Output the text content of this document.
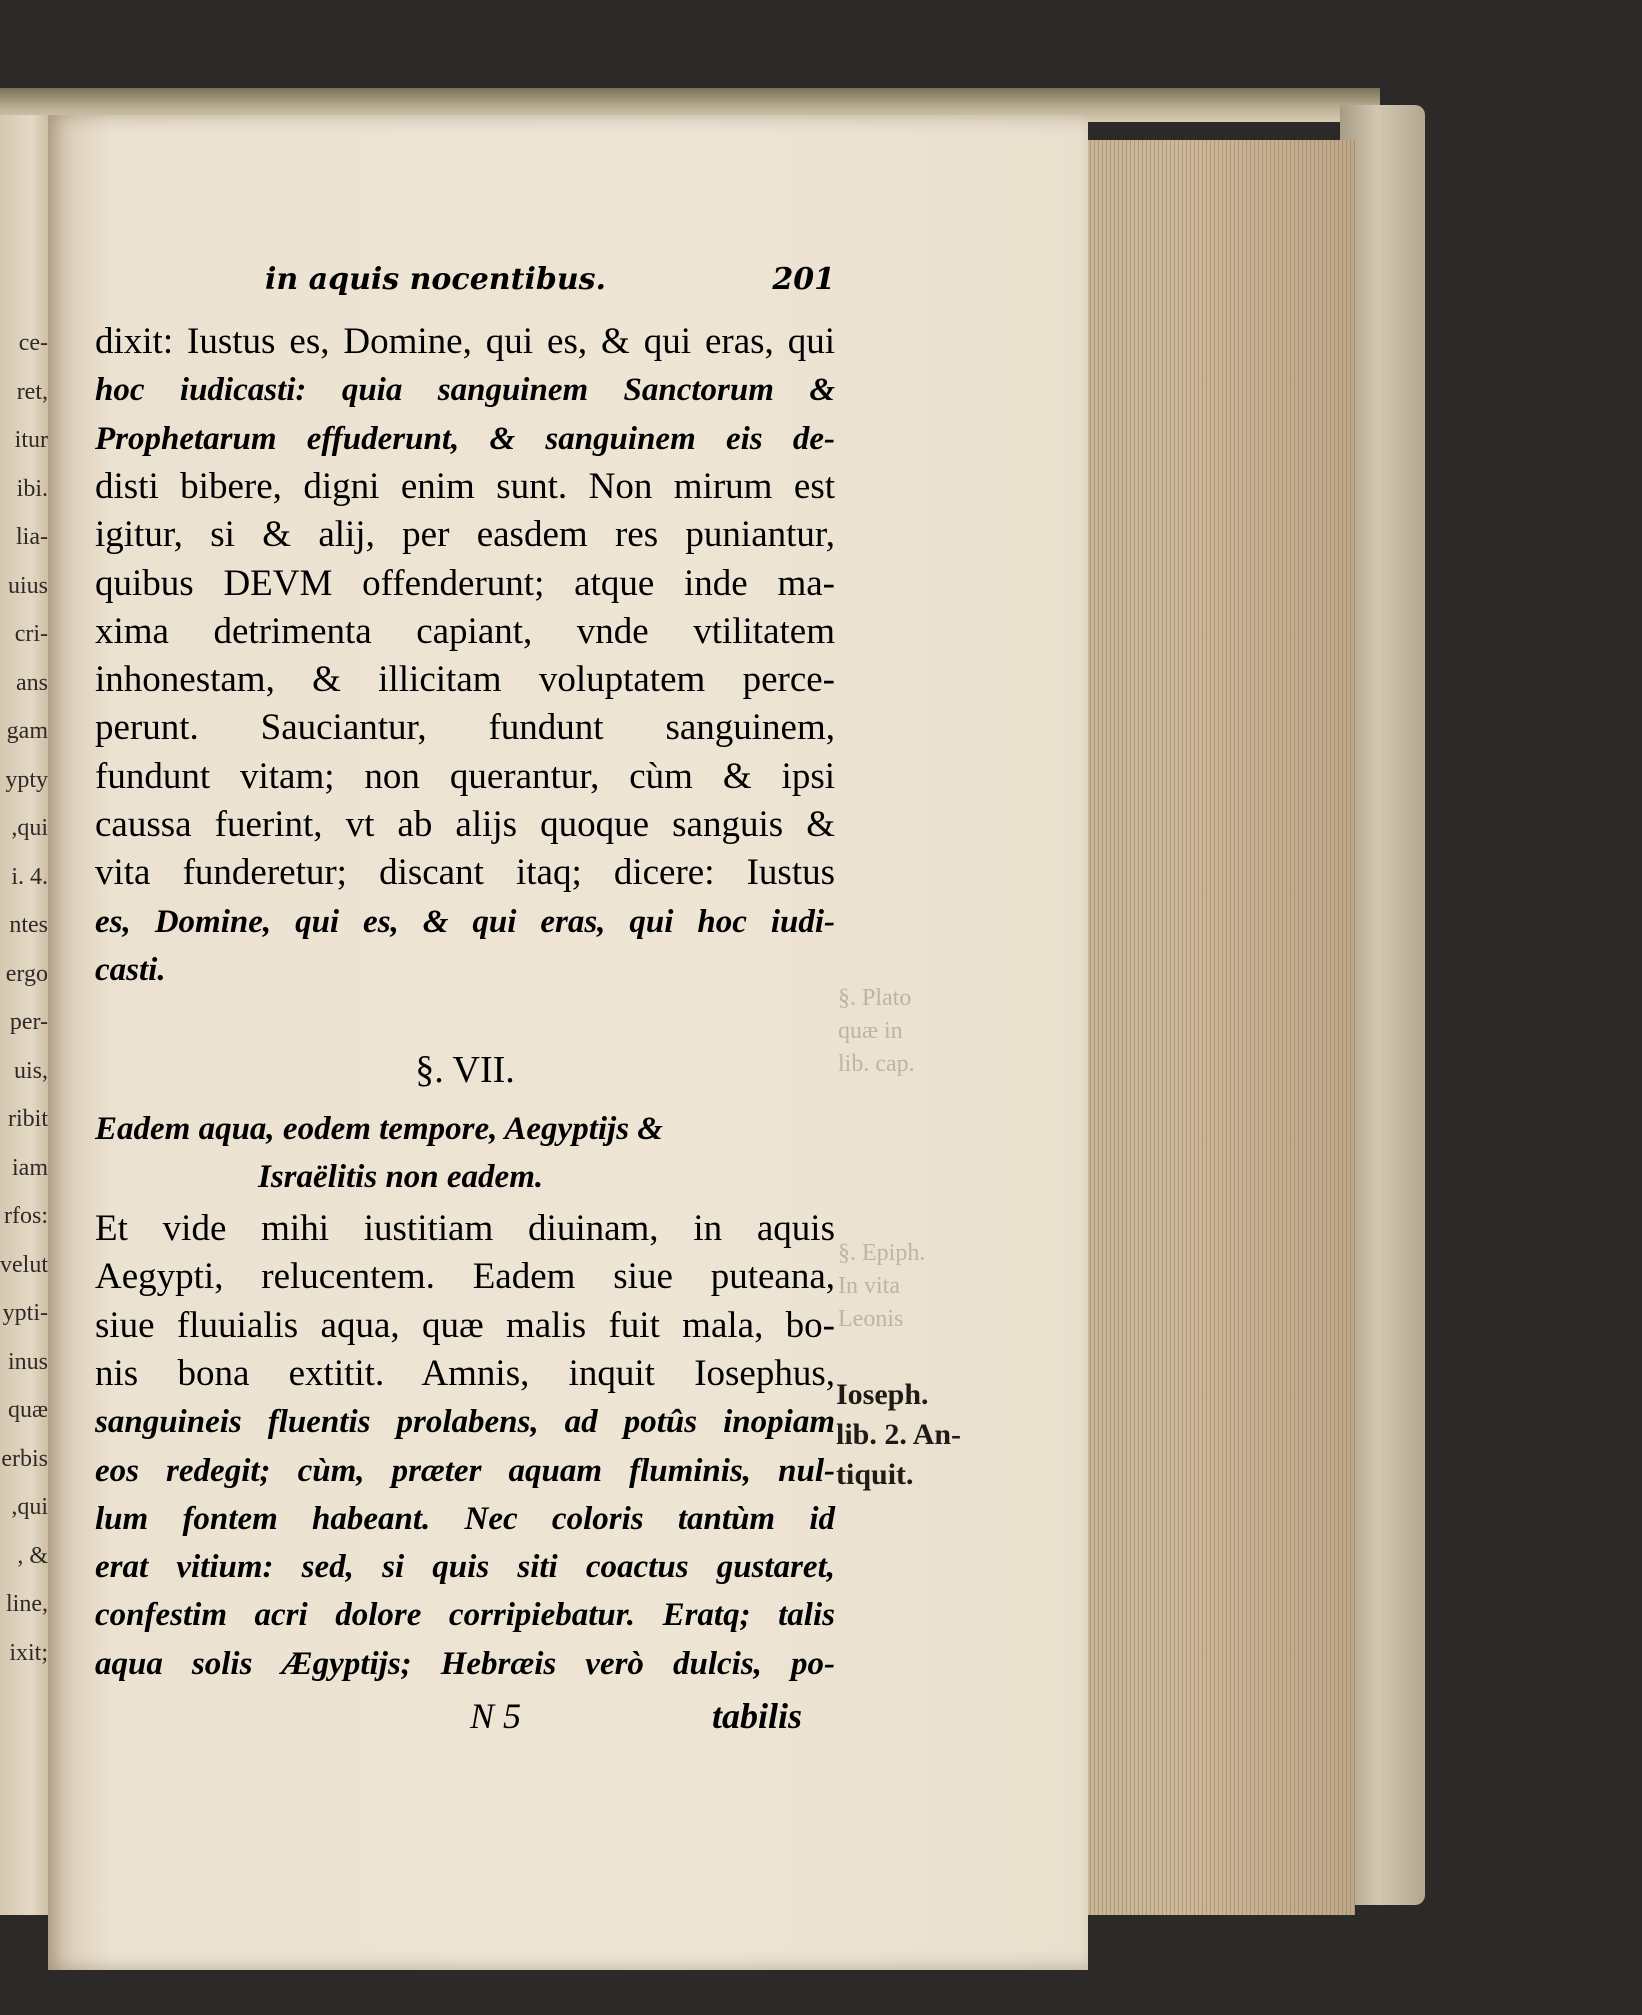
ce-
ret,
itur
ibi.
lia-
uius
cri-
ans
gam
ypty
,qui
i. 4.
ntes
ergo
per-
uis,
ribit
iam
rfos:
velut
ypti-
inus
quæ
erbis
,qui
, &
line,
ixit;
in aquis nocentibus.	201
dixit: Iustus es, Domine, qui es, & qui eras, qui
hoc iudicasti: quia sanguinem Sanctorum &
Prophetarum effuderunt, & sanguinem eis de-
disti bibere, digni enim sunt. Non mirum est
igitur, si & alij, per easdem res puniantur,
quibus DEVM offenderunt; atque inde ma-
xima detrimenta capiant, vnde vtilitatem
inhonestam, & illicitam voluptatem perce-
perunt. Sauciantur, fundunt sanguinem,
fundunt vitam; non querantur, cùm & ipsi
caussa fuerint, vt ab alijs quoque sanguis &
vita funderetur; discant itaq; dicere: Iustus
es, Domine, qui es, & qui eras, qui hoc iudi-
casti.
§. VII.
Eadem aqua, eodem tempore, Aegyptijs &
Israëlitis non eadem.
Et vide mihi iustitiam diuinam, in aquis
Aegypti, relucentem. Eadem siue puteana,
siue fluuialis aqua, quæ malis fuit mala, bo-
nis bona extitit. Amnis, inquit Iosephus,
sanguineis fluentis prolabens, ad potûs inopiam
eos redegit; cùm, præter aquam fluminis, nul-
lum fontem habeant. Nec coloris tantùm id
erat vitium: sed, si quis siti coactus gustaret,
confestim acri dolore corripiebatur. Eratq; talis
aqua solis Ægyptijs; Hebræis verò dulcis, po-
Ioseph.
lib. 2. An-
tiquit.
§. Plato
quæ in
lib. cap.
§. Epiph.
In vita
Leonis
N 5	tabilis
